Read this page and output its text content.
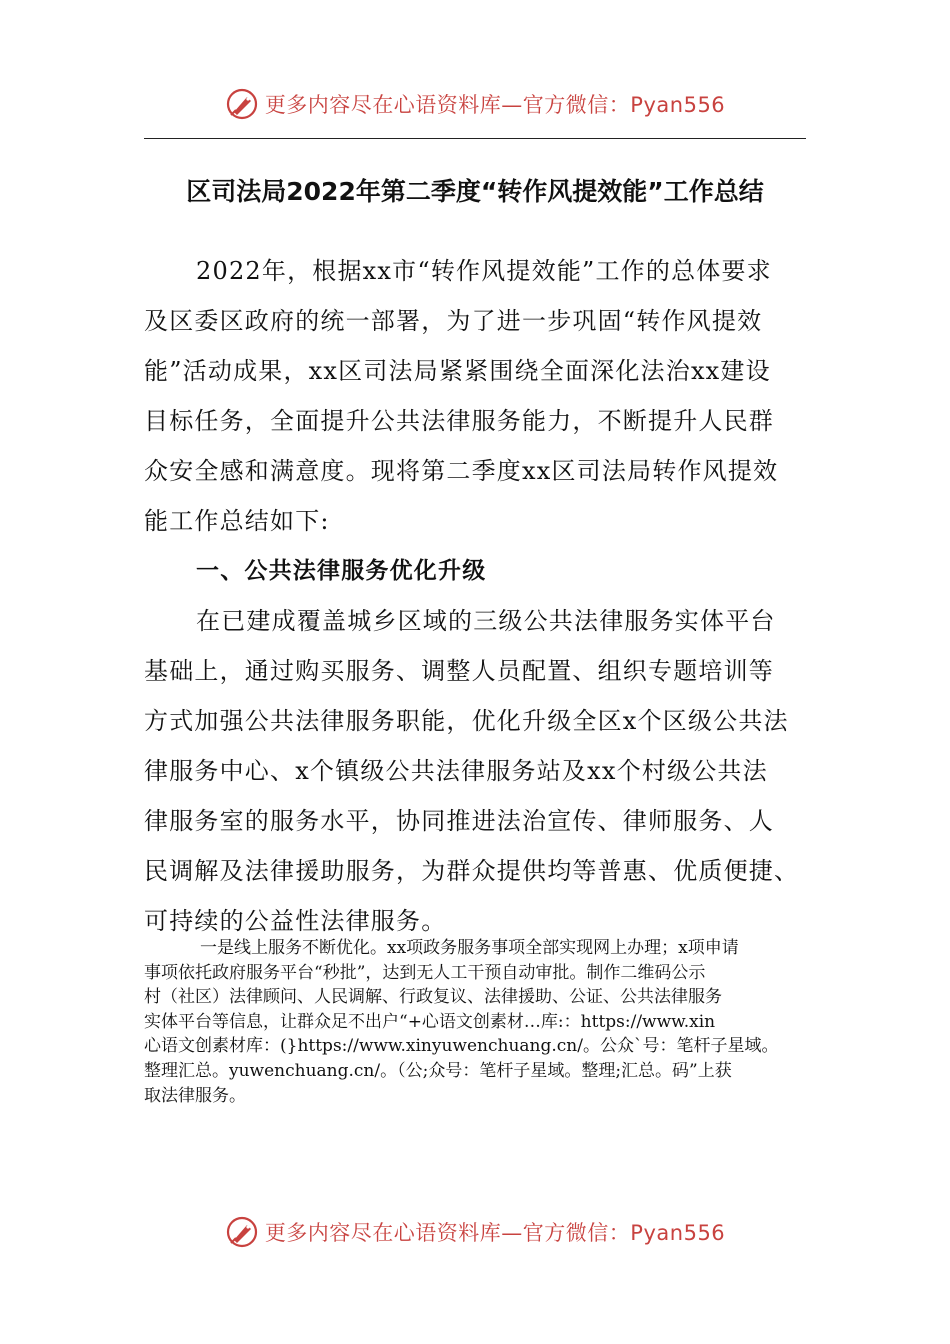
更多内容尽在心语资料库—官方微信：Pyan556
区司法局2022年第二季度“转作风提效能”工作总结
2022年，根据xx市“转作风提效能”工作的总体要求
及区委区政府的统一部署，为了进一步巩固“转作风提效
能”活动成果，xx区司法局紧紧围绕全面深化法治xx建设
目标任务，全面提升公共法律服务能力，不断提升人民群
众安全感和满意度。现将第二季度xx区司法局转作风提效
能工作总结如下:
一、公共法律服务优化升级
在已建成覆盖城乡区域的三级公共法律服务实体平台
基础上，通过购买服务、调整人员配置、组织专题培训等
方式加强公共法律服务职能，优化升级全区x个区级公共法
律服务中心、x个镇级公共法律服务站及xx个村级公共法
律服务室的服务水平，协同推进法治宣传、律师服务、人
民调解及法律援助服务，为群众提供均等普惠、优质便捷、
可持续的公益性法律服务。
一是线上服务不断优化。xx项政务服务事项全部实现网上办理；x项申请
事项依托政府服务平台“秒批”，达到无人工干预自动审批。制作二维码公示
村（社区）法律顾问、人民调解、行政复议、法律援助、公证、公共法律服务
实体平台等信息，让群众足不出户“+心语文创素材…库:：https://www.xin
心语文创素材库：(}https://www.xinyuwenchuang.cn/。公众`号：笔杆子星域。
整理汇总。yuwenchuang.cn/。（公;众号：笔杆子星域。整理;汇总。码”上获
取法律服务。
更多内容尽在心语资料库—官方微信：Pyan556
